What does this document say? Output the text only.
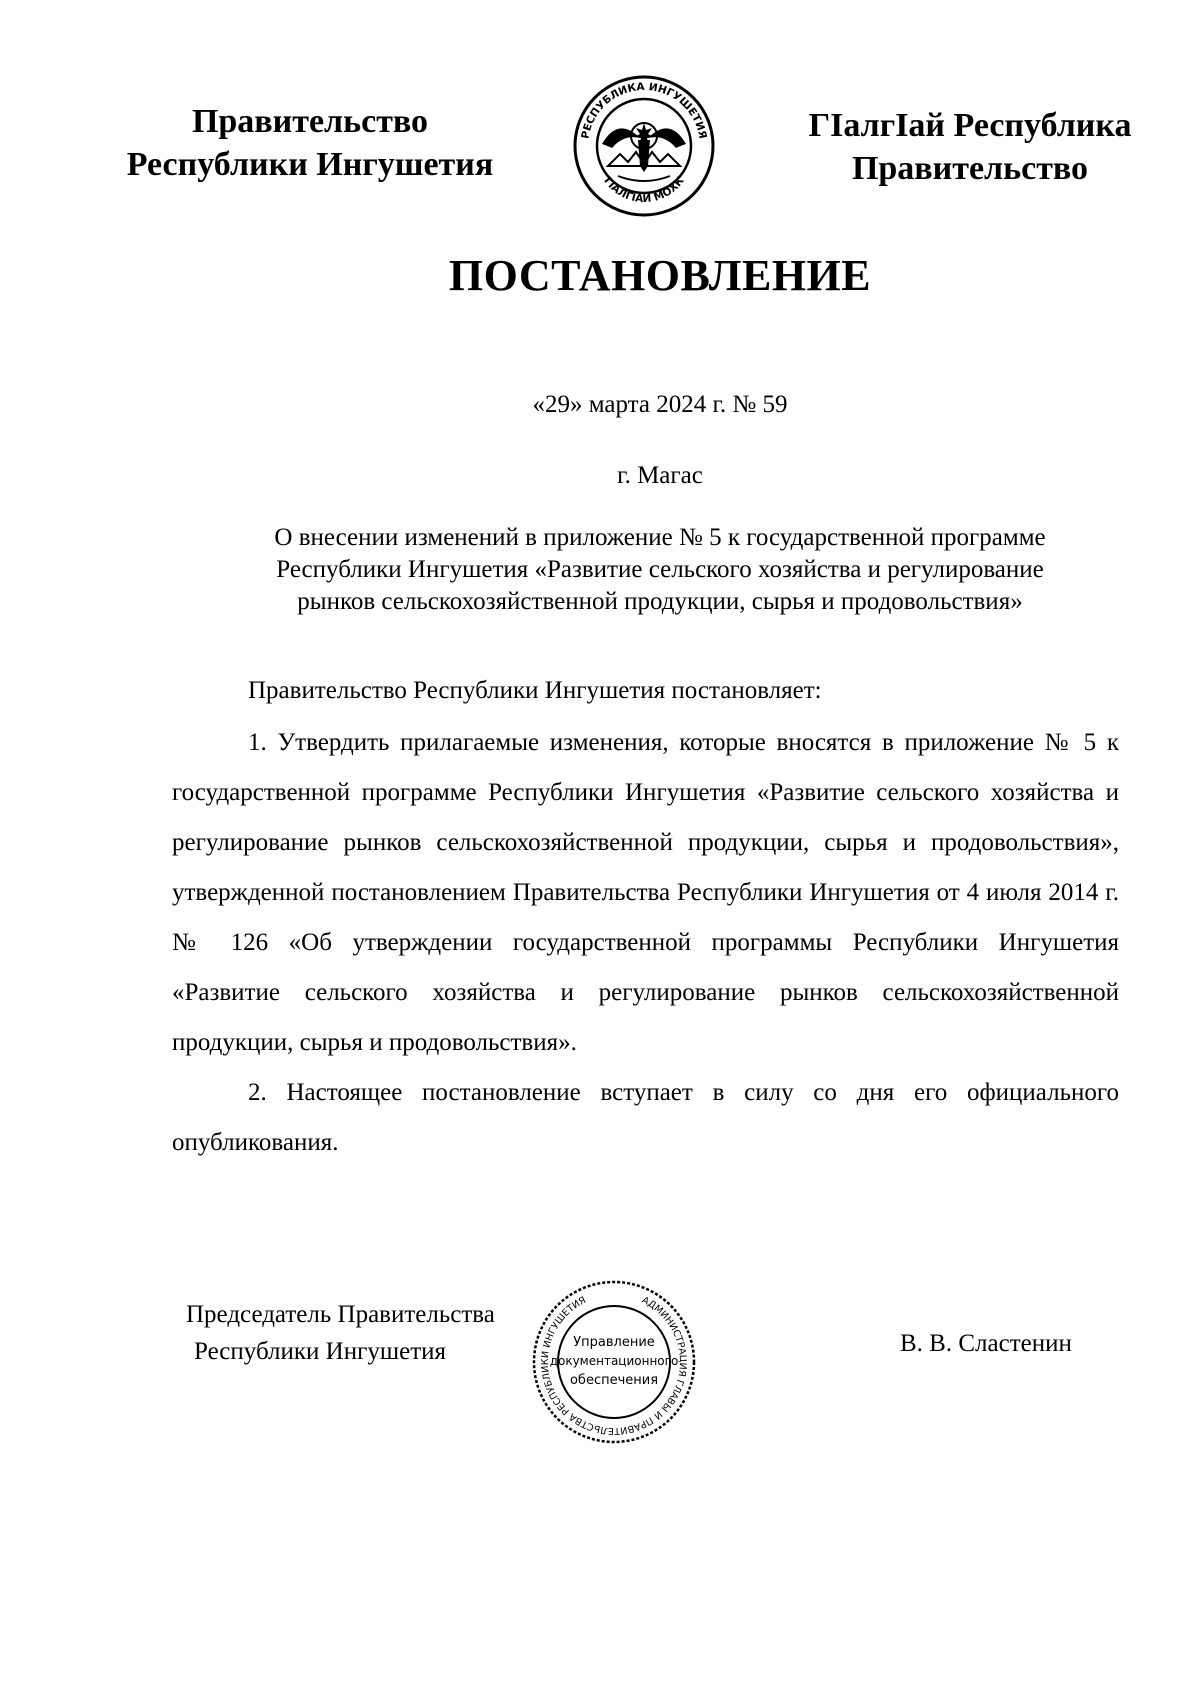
Правительство
Республики Ингушетия
РЕСПУБЛИКА ИНГУШЕТИЯ
ГIАЛГIАЙ МОХК
ГIалгIай Республика
Правительство
ПОСТАНОВЛЕНИЕ
«29» марта 2024 г. № 59
г. Магас
О внесении изменений в приложение № 5 к государственной программе
Республики Ингушетия «Развитие сельского хозяйства и регулирование
рынков сельскохозяйственной продукции, сырья и продовольствия»
Правительство Республики Ингушетия постановляет:

1. Утвердить прилагаемые изменения, которые вносятся в приложение № 5 к государственной программе Республики Ингушетия «Развитие сельского хозяйства и регулирование рынков сельскохозяйственной продукции, сырья и продовольствия», утвержденной постановлением Правительства Республики Ингушетия от 4 июля 2014 г. № 126 «Об утверждении государственной программы Республики Ингушетия «Развитие сельского хозяйства и регулирование рынков сельскохозяйственной продукции, сырья и продовольствия».

2. Настоящее постановление вступает в силу со дня его официального опубликования.

Председатель Правительства
Республики Ингушетия
АДМИНИСТРАЦИЯ ГЛАВЫ И ПРАВИТЕЛЬСТВА РЕСПУБЛИКИ ИНГУШЕТИЯ
Управление
документационного
обеспечения
В. В. Сластенин
